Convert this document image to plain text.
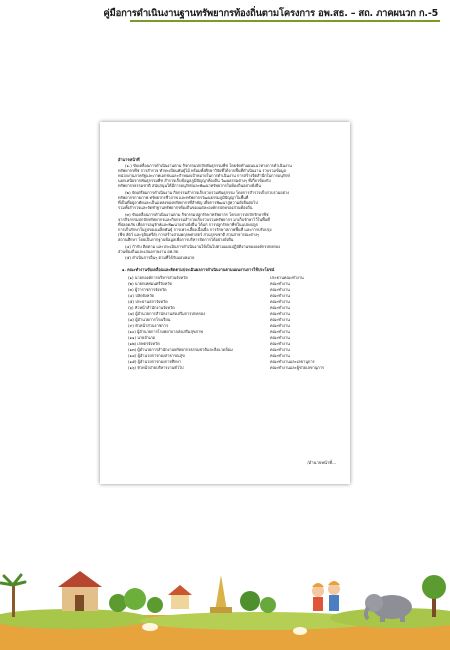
คู่มือการดำเนินงานฐานทรัพยากรท้องถิ่นตามโครงการ อพ.สธ. – สถ. ภาคผนวก ก.-5
อำนาจหน้าที่
(๑.) ขับเคลื่อนการดำเนินงานตาม กิจกรรมปกปักพันธุกรรมพืช โดยจัดทำแผนแนวทางการดำเนินงาน
ทรัพยากรพืช การสำรวจ ทำทะเบียนพันธุ์ไม้ พร้อมทั้งศึกษาวิจัยที่ได้จากพื้นที่ดำเนินงาน รวบรวมข้อมูล
หน่วยงานภาครัฐและภาคเอกชนและกำหนดเป้าหมายในการดำเนินงาน การสร้างจิตสำนึกในการอนุรักษ์
นอกเหนือจากพันธุกรรมพืช สำรวจเก็บข้อมูลภูมิปัญญาท้องถิ่น วัฒนธรรมต่างๆ ที่เกี่ยวข้องกับ
ทรัพยากรธรรมชาติ สนับสนุนให้มีการอนุรักษ์และพัฒนาทรัพยากรในท้องถิ่นอย่างยั่งยืน
(๒) จัดเตรียมการดำเนินงาน กิจกรรมสำรวจเก็บรวบรวมพันธุกรรม โดยการสำรวจเก็บรวบรวมอย่าง
ทรัพยากรกายภาพ ทรัพยากรชีวภาพ และทรัพยากรวัฒนธรรมภูมิปัญญาในพื้นที่
ที่เป็นที่อยู่อาศัยและเป็นแหล่งของทรัพยากรที่สำคัญ เพื่อการพัฒนาสู่ความยั่งยืนต่อไป
รวมทั้งสำรวจและจัดทำฐานทรัพยากรท้องถิ่นของแต่ละองค์กรปกครองส่วนท้องถิ่น
(๓) ขับเคลื่อนการดำเนินงานตาม กิจกรรมปลูกรักษาทรัพยากร โครงการปกปักรักษาพืช
จากกิจกรรมปกปักทรัพยากรและกิจกรรมสำรวจเก็บรวบรวมทรัพยากร มาเก็บรักษาไว้ในพื้นที่
ที่ปลอดภัย เพื่อการอนุรักษ์และพัฒนาอย่างยั่งยืน ได้แก่ การปลูกรักษาพืชในแปลงปลูก
การเก็บรักษาในรูปของเมล็ดพันธุ์ การเพาะเลี้ยงเนื้อเยื่อ การรักษาสภาพพื้นที่ และการปรับปรุง
(พืช สัตว์ และจุลินทรีย์) การสร้างสวนพฤกษศาสตร์ สวนรุกขชาติ สวนสาธารณะต่างๆ
สถานศึกษา โดยเป็นรากฐานข้อมูลเพื่อการบริหารจัดการได้อย่างยั่งยืน
(๔) กำกับ ติดตาม และประเมินการดำเนินงานให้เป็นไปตามแผนปฏิบัติงานขององค์กรปกครอง
ส่วนท้องถิ่นและเสนอรายงาน อพ.สธ.
(๕) ดำเนินการอื่นๆ ตามที่ได้รับมอบหมาย
๑. คณะทำงานขับเคลื่อนและติดตามประเมินผลการดำเนินงานตามแผนงานการใช้ประโยชน์
(๑) นายกองค์การบริหารส่วนจังหวัด	ประธานคณะทำงาน
(๒) นายกเทศมนตรีจังหวัด	คณะทำงาน
(๓) ผู้ว่าราชการจังหวัด	คณะทำงาน
(๔) ปลัดจังหวัด	คณะทำงาน
(๕) ประธานสภาจังหวัด	คณะทำงาน
(๖) หัวหน้าสำนักงานจังหวัด	คณะทำงาน
(๗) ผู้อำนวยการสำนักงานส่งเสริมการปกครอง	คณะทำงาน
(๘) ผู้อำนวยการโรงเรียน	คณะทำงาน
(๙) หัวหน้าส่วนราชการ	คณะทำงาน
(๑๐) ผู้อำนวยการโรงพยาบาลส่งเสริมสุขภาพ	คณะทำงาน
(๑๑) นายอำเภอ	คณะทำงาน
(๑๒) เกษตรจังหวัด	คณะทำงาน
(๑๓) ผู้อำนวยการสำนักงานทรัพยากรธรรมชาติและสิ่งแวดล้อม	คณะทำงาน
(๑๔) ผู้อำนวยการกองสาธารณสุข	คณะทำงาน
(๑๕) ผู้อำนวยการกองการศึกษา	คณะทำงานและเลขานุการ
(๑๖) หัวหน้าฝ่ายบริหารงานทั่วไป	คณะทำงานและผู้ช่วยเลขานุการ
/อำนาจหน้าที่...
